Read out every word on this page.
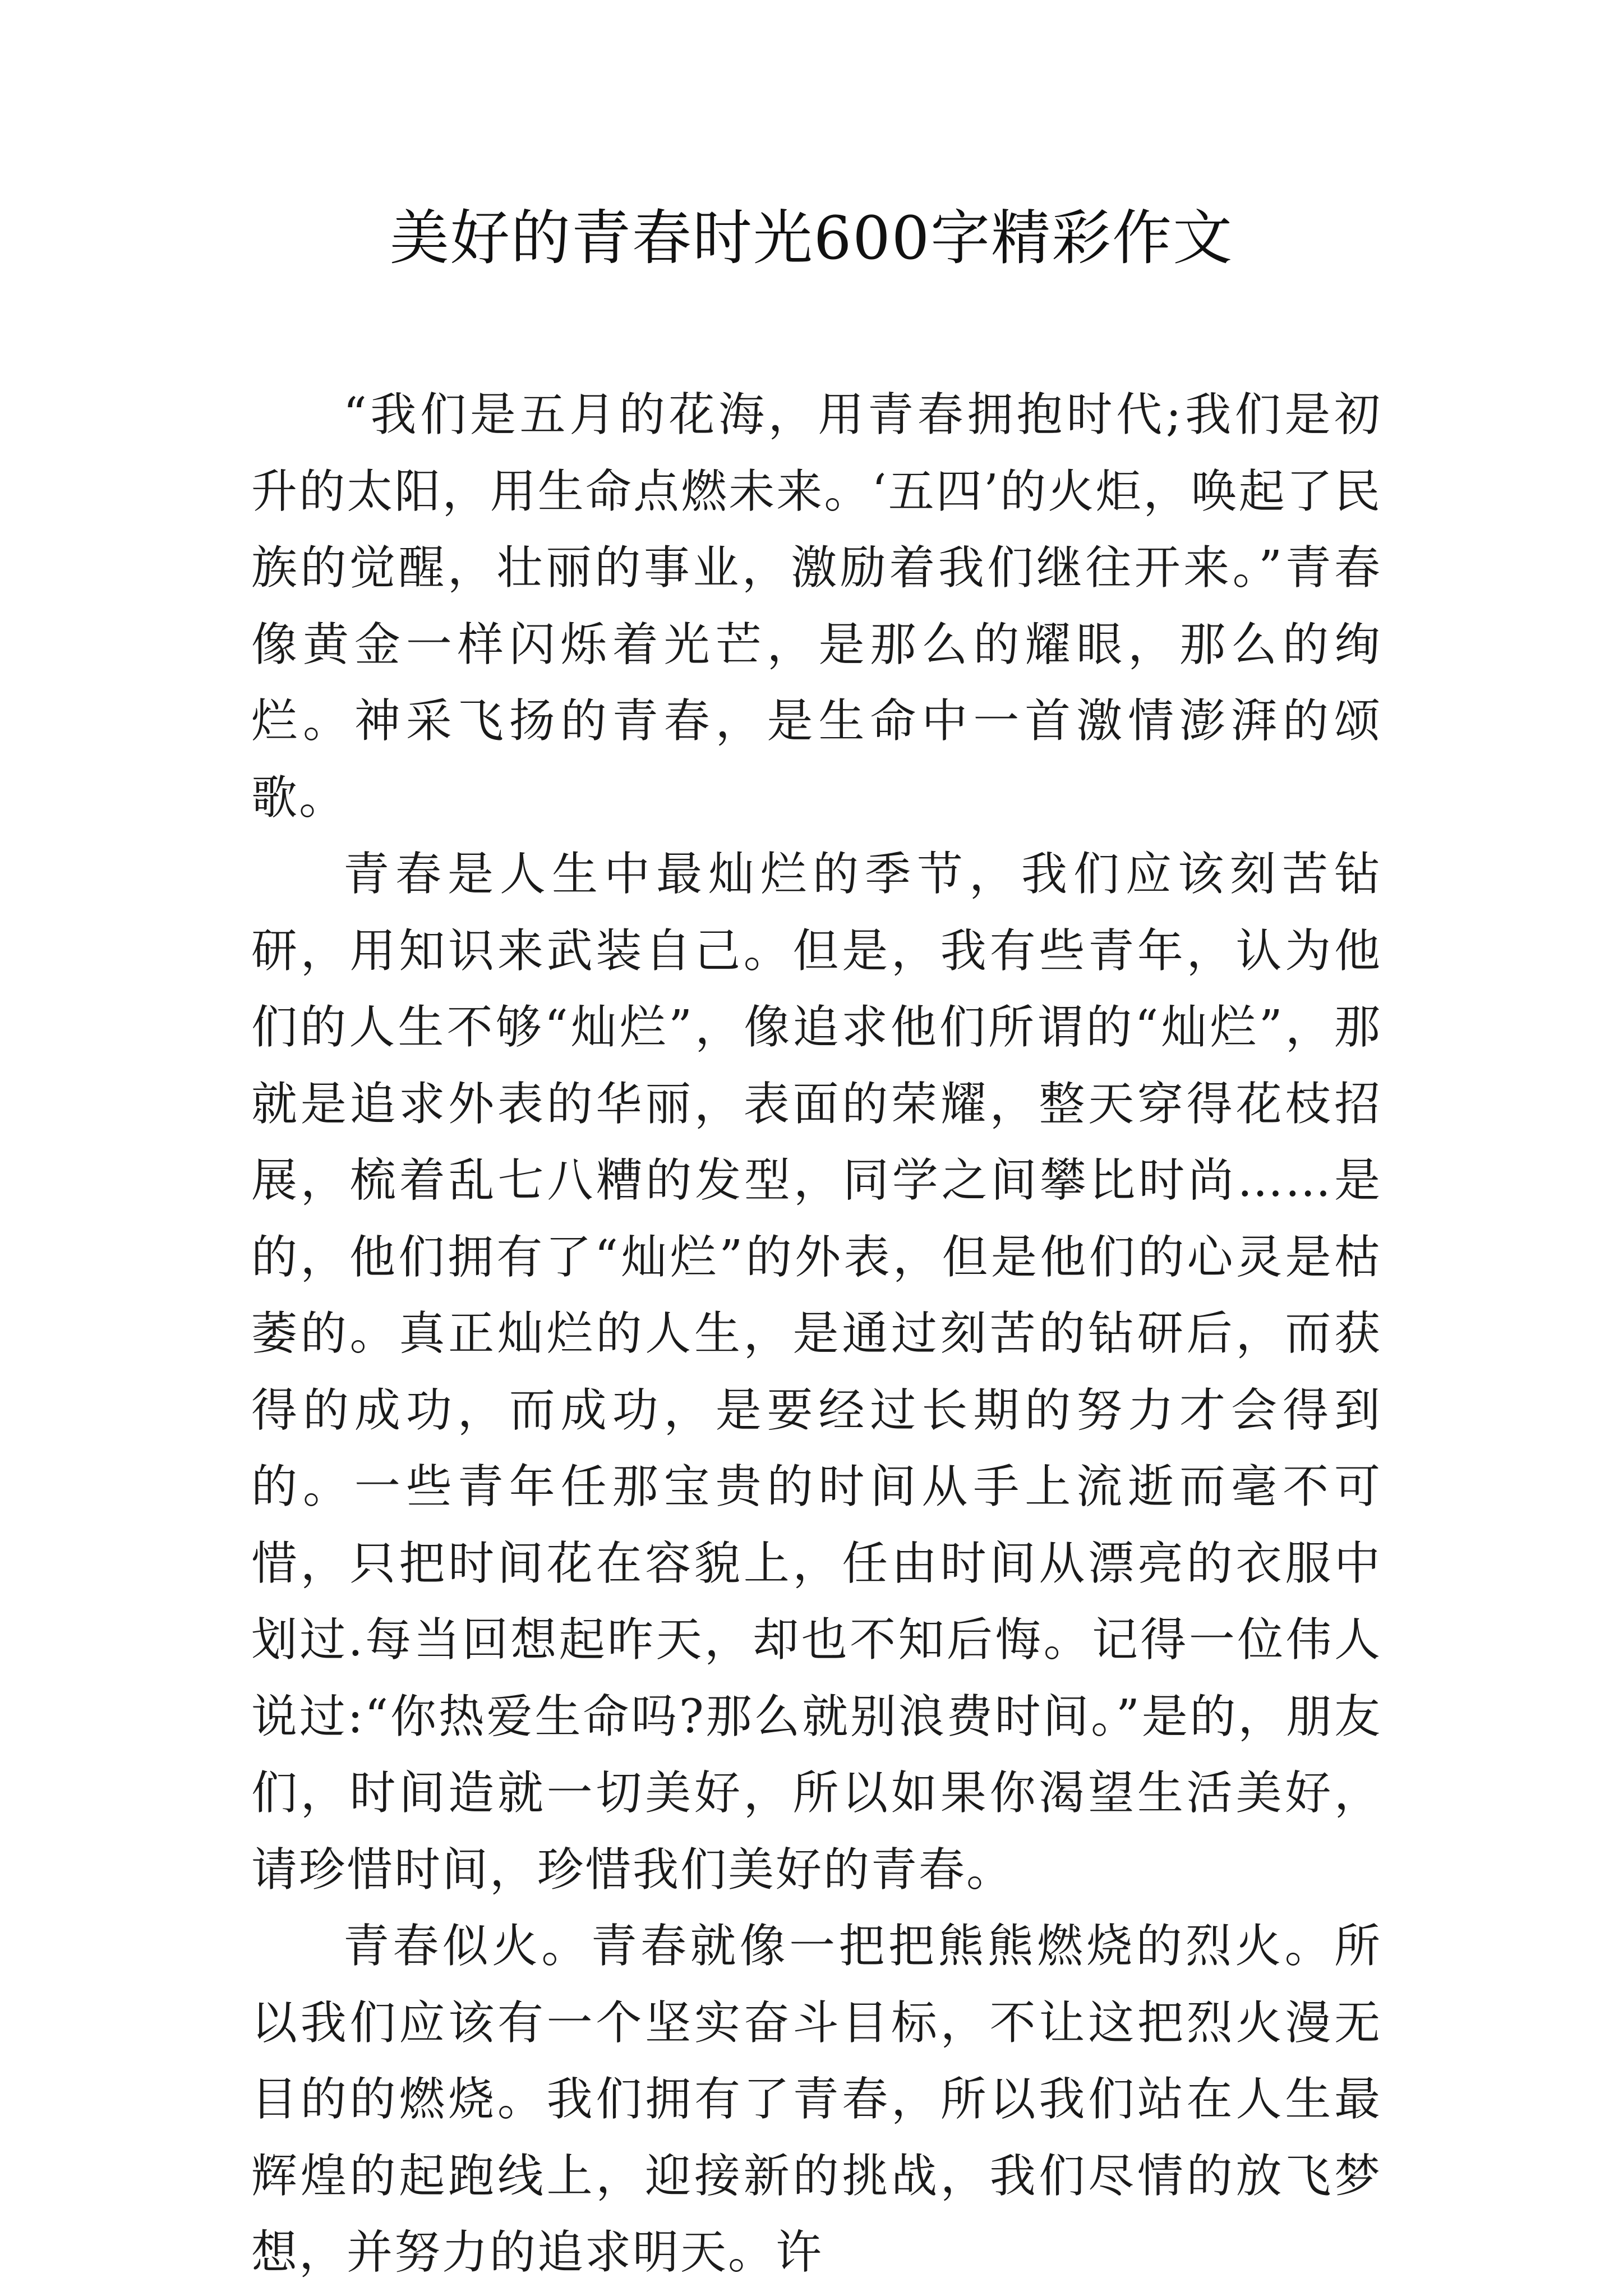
美好的青春时光600字精彩作文

“我们是五月的花海，用青春拥抱时代;我们是初升的太阳，用生命点燃未来。‘五四’的火炬，唤起了民族的觉醒，壮丽的事业，激励着我们继往开来。”青春像黄金一样闪烁着光芒，是那么的耀眼，那么的绚烂。神采飞扬的青春，是生命中一首激情澎湃的颂歌。

青春是人生中最灿烂的季节，我们应该刻苦钻研，用知识来武装自己。但是，我有些青年，认为他们的人生不够“灿烂”，像追求他们所谓的“灿烂”，那就是追求外表的华丽，表面的荣耀，整天穿得花枝招展，梳着乱七八糟的发型，同学之间攀比时尚……是的，他们拥有了“灿烂”的外表，但是他们的心灵是枯萎的。真正灿烂的人生，是通过刻苦的钻研后，而获得的成功，而成功，是要经过长期的努力才会得到的。一些青年任那宝贵的时间从手上流逝而毫不可惜，只把时间花在容貌上，任由时间从漂亮的衣服中划过.每当回想起昨天，却也不知后悔。记得一位伟人说过:“你热爱生命吗?那么就别浪费时间。”是的，朋友们，时间造就一切美好，所以如果你渴望生活美好，请珍惜时间，珍惜我们美好的青春。

青春似火。青春就像一把把熊熊燃烧的烈火。所以我们应该有一个坚实奋斗目标，不让这把烈火漫无目的的燃烧。我们拥有了青春，所以我们站在人生最辉煌的起跑线上，迎接新的挑战，我们尽情的放飞梦想，并努力的追求明天。许
